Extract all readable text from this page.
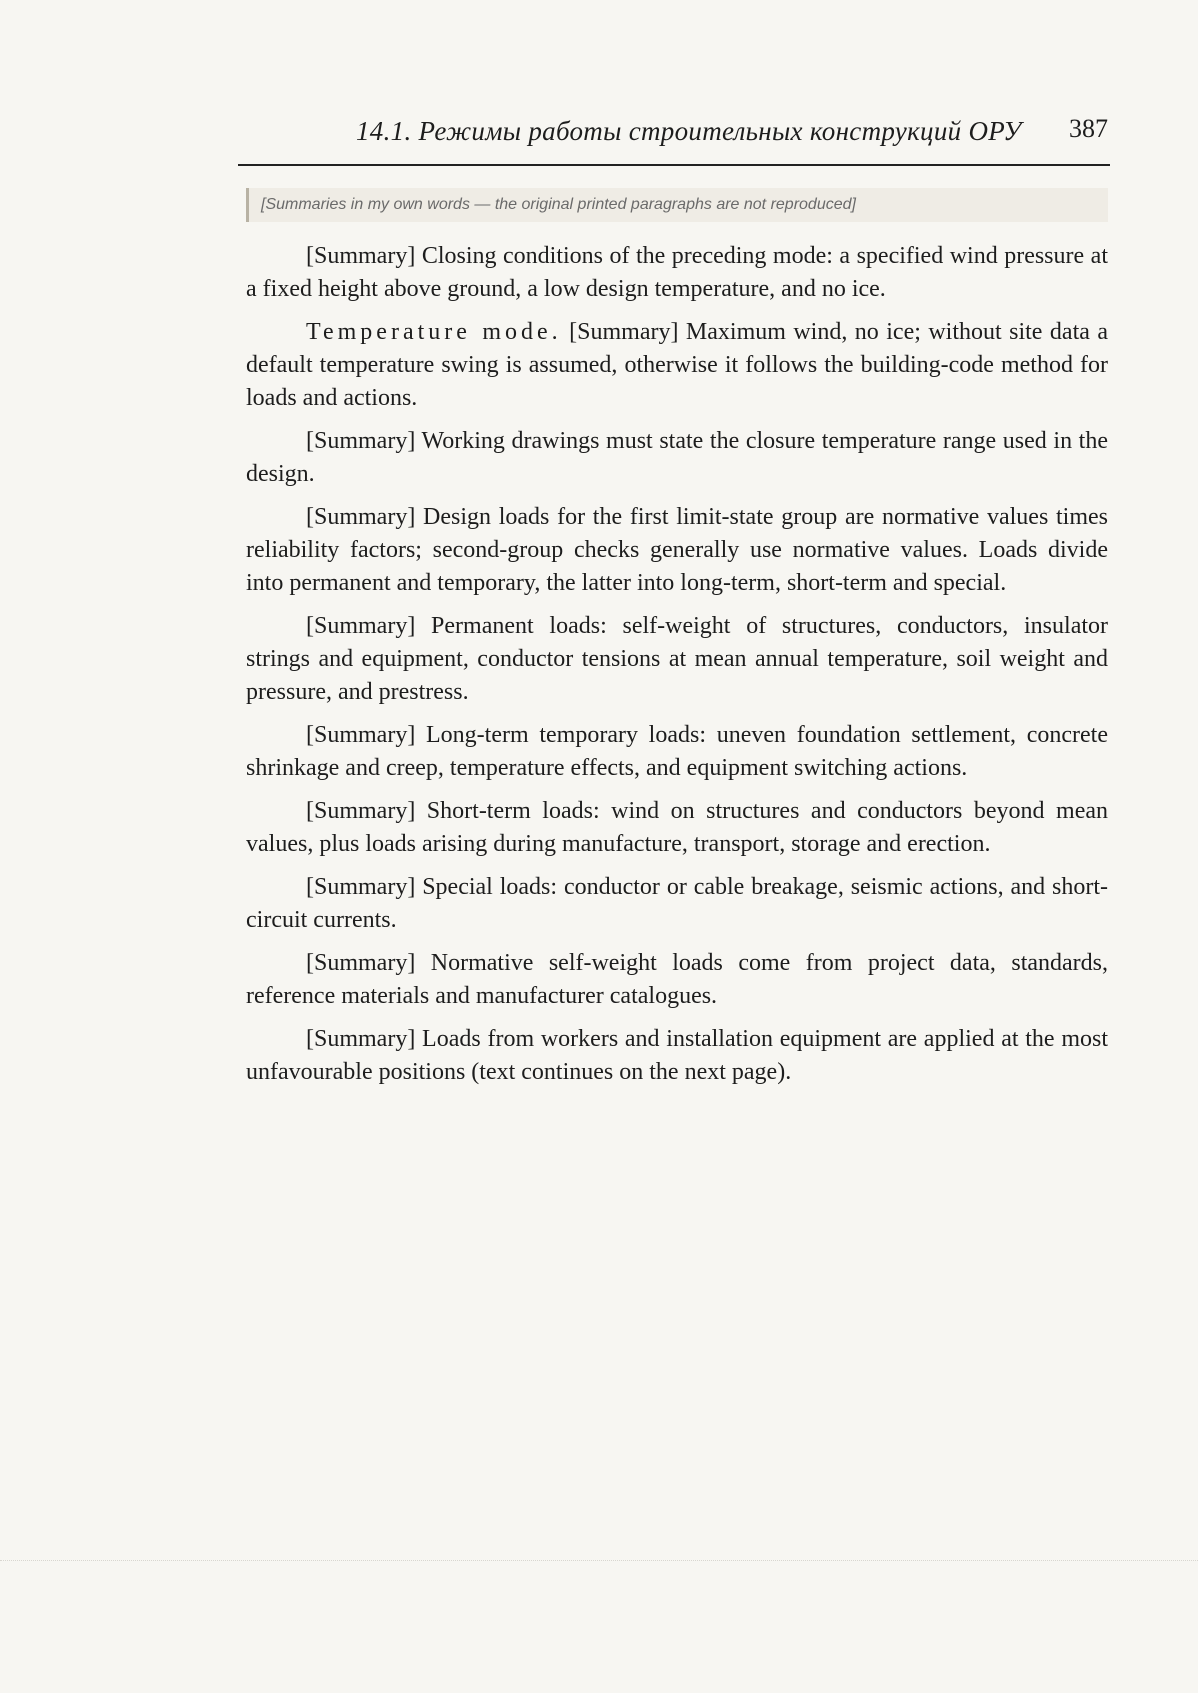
14.1. Режимы работы строительных конструкций ОРУ 387

[Summaries in my own words — the original printed paragraphs are not reproduced]

[Summary] Closing conditions of the preceding mode: a specified wind pressure at a fixed height above ground, a low design temperature, and no ice.

Temperature mode. [Summary] Maximum wind, no ice; without site data a default temperature swing is assumed, otherwise it follows the building-code method for loads and actions.

[Summary] Working drawings must state the closure temperature range used in the design.

[Summary] Design loads for the first limit-state group are normative values times reliability factors; second-group checks generally use normative values. Loads divide into permanent and temporary, the latter into long-term, short-term and special.

[Summary] Permanent loads: self-weight of structures, conductors, insulator strings and equipment, conductor tensions at mean annual temperature, soil weight and pressure, and prestress.

[Summary] Long-term temporary loads: uneven foundation settlement, concrete shrinkage and creep, temperature effects, and equipment switching actions.

[Summary] Short-term loads: wind on structures and conductors beyond mean values, plus loads arising during manufacture, transport, storage and erection.

[Summary] Special loads: conductor or cable breakage, seismic actions, and short-circuit currents.

[Summary] Normative self-weight loads come from project data, standards, reference materials and manufacturer catalogues.

[Summary] Loads from workers and installation equipment are applied at the most unfavourable positions (text continues on the next page).
